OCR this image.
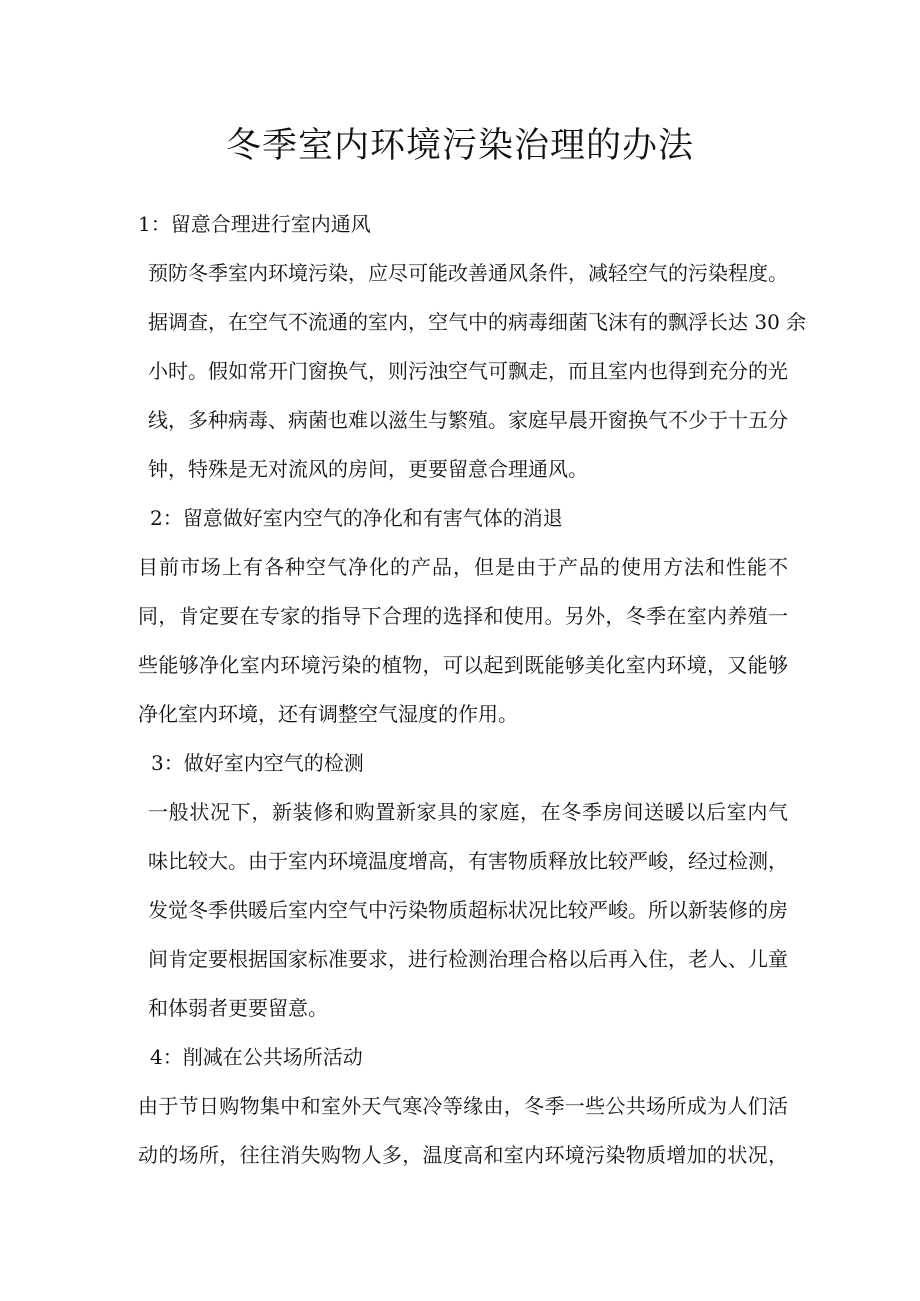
冬季室内环境污染治理的办法
1：留意合理进行室内通风

预防冬季室内环境污染，应尽可能改善通风条件，减轻空气的污染程度。

据调查，在空气不流通的室内，空气中的病毒细菌飞沫有的飘浮长达 30 余

小时。假如常开门窗换气，则污浊空气可飘走，而且室内也得到充分的光

线，多种病毒、病菌也难以滋生与繁殖。家庭早晨开窗换气不少于十五分

钟，特殊是无对流风的房间，更要留意合理通风。

2：留意做好室内空气的净化和有害气体的消退

目前市场上有各种空气净化的产品，但是由于产品的使用方法和性能不

同，肯定要在专家的指导下合理的选择和使用。另外，冬季在室内养殖一

些能够净化室内环境污染的植物，可以起到既能够美化室内环境，又能够

净化室内环境，还有调整空气湿度的作用。

3：做好室内空气的检测

一般状况下，新装修和购置新家具的家庭，在冬季房间送暖以后室内气

味比较大。由于室内环境温度增高，有害物质释放比较严峻，经过检测，

发觉冬季供暖后室内空气中污染物质超标状况比较严峻。所以新装修的房

间肯定要根据国家标准要求，进行检测治理合格以后再入住，老人、儿童

和体弱者更要留意。

4：削减在公共场所活动

由于节日购物集中和室外天气寒冷等缘由，冬季一些公共场所成为人们活

动的场所，往往消失购物人多，温度高和室内环境污染物质增加的状况，
